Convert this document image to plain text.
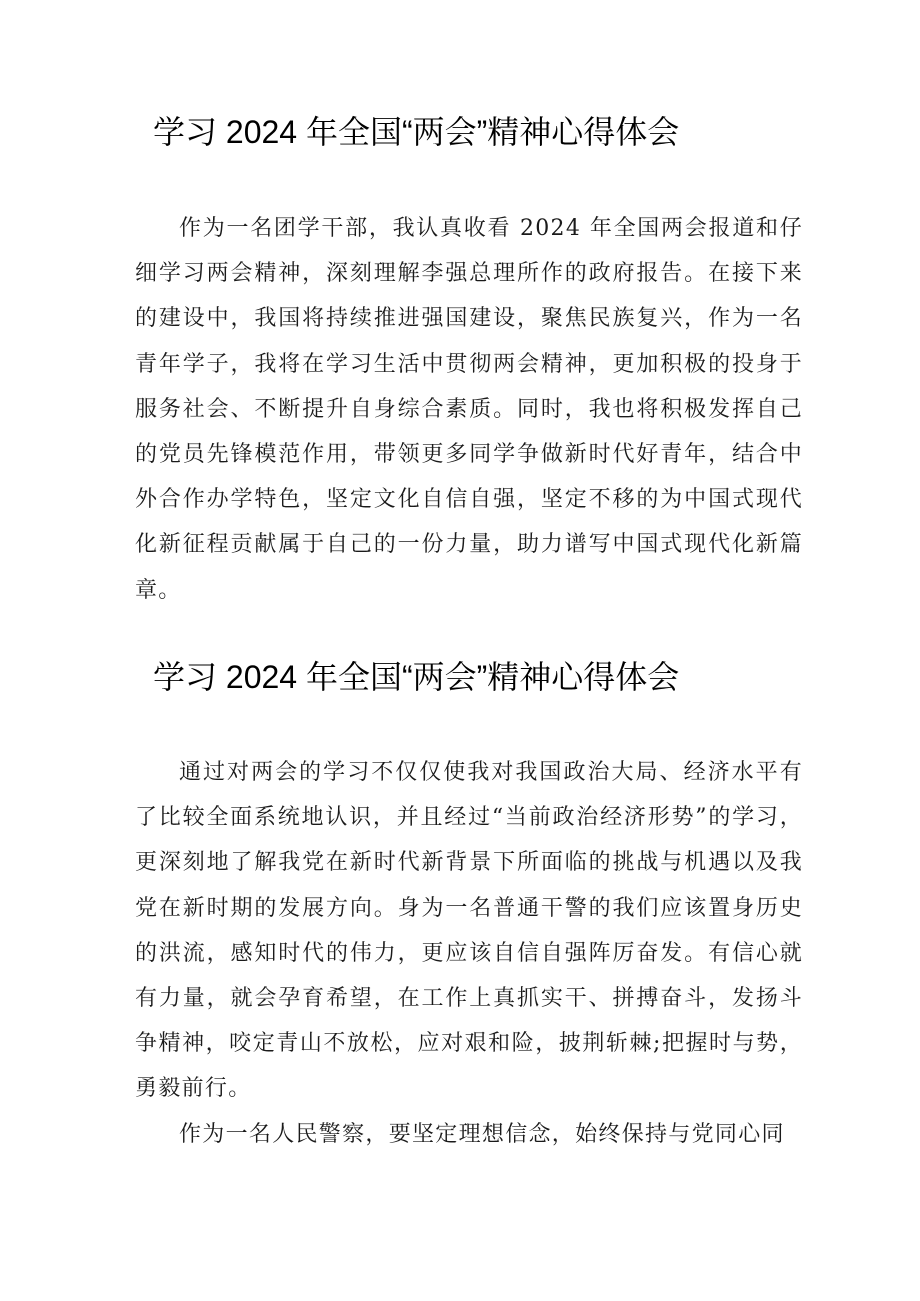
学习 2024 年全国“两会”精神心得体会

作为一名团学干部，我认真收看 2024 年全国两会报道和仔细学习两会精神，深刻理解李强总理所作的政府报告。在接下来的建设中，我国将持续推进强国建设，聚焦民族复兴，作为一名青年学子，我将在学习生活中贯彻两会精神，更加积极的投身于服务社会、不断提升自身综合素质。同时，我也将积极发挥自己的党员先锋模范作用，带领更多同学争做新时代好青年，结合中外合作办学特色，坚定文化自信自强，坚定不移的为中国式现代化新征程贡献属于自己的一份力量，助力谱写中国式现代化新篇章。

学习 2024 年全国“两会”精神心得体会

通过对两会的学习不仅仅使我对我国政治大局、经济水平有了比较全面系统地认识，并且经过“当前政治经济形势”的学习，更深刻地了解我党在新时代新背景下所面临的挑战与机遇以及我党在新时期的发展方向。身为一名普通干警的我们应该置身历史的洪流，感知时代的伟力，更应该自信自强阵厉奋发。有信心就有力量，就会孕育希望，在工作上真抓实干、拼搏奋斗，发扬斗争精神，咬定青山不放松，应对艰和险，披荆斩棘;把握时与势，勇毅前行。

作为一名人民警察，要坚定理想信念，始终保持与党同心同
